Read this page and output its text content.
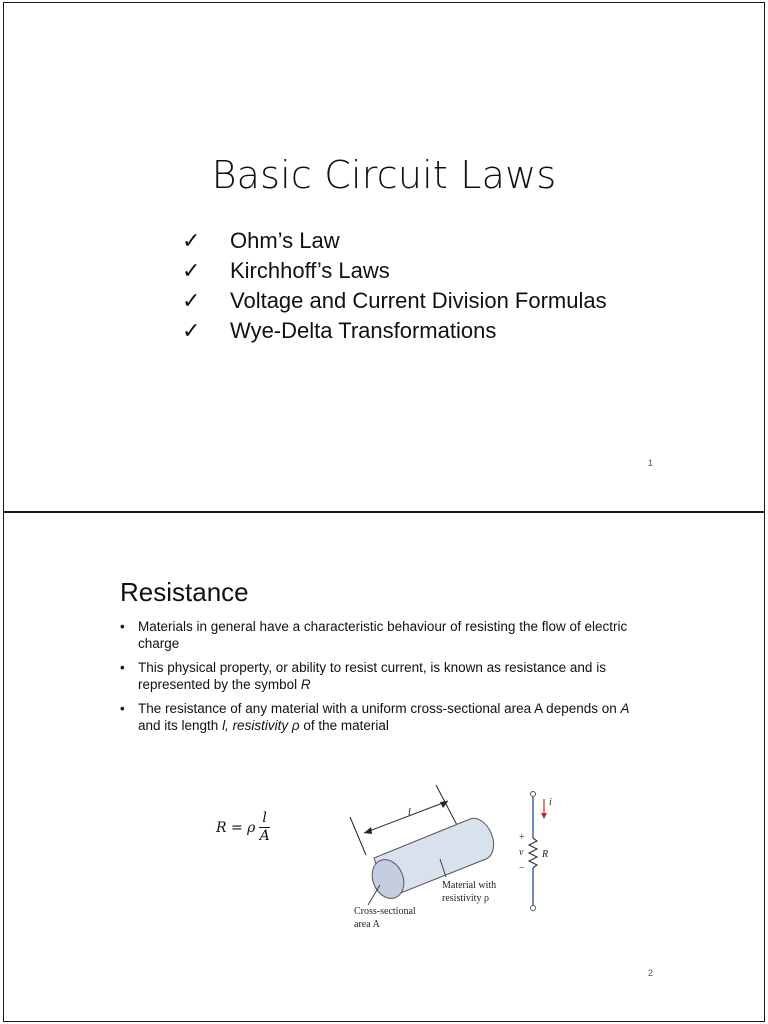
Basic Circuit Laws
✓	Ohm’s Law
✓	Kirchhoff’s Laws
✓	Voltage and Current Division Formulas
✓	Wye-Delta Transformations
1
Resistance
• Materials in general have a characteristic behaviour of resisting the flow of electric charge
• This physical property, or ability to resist current, is known as resistance and is represented by the symbol R
• The resistance of any material with a uniform cross-sectional area A depends on A and its length l, resistivity ρ of the material
R = ρ $\frac{l}{A}$	l
Material with
resistivity ρ
Cross-sectional
area A
i
+
v
−
R
2
